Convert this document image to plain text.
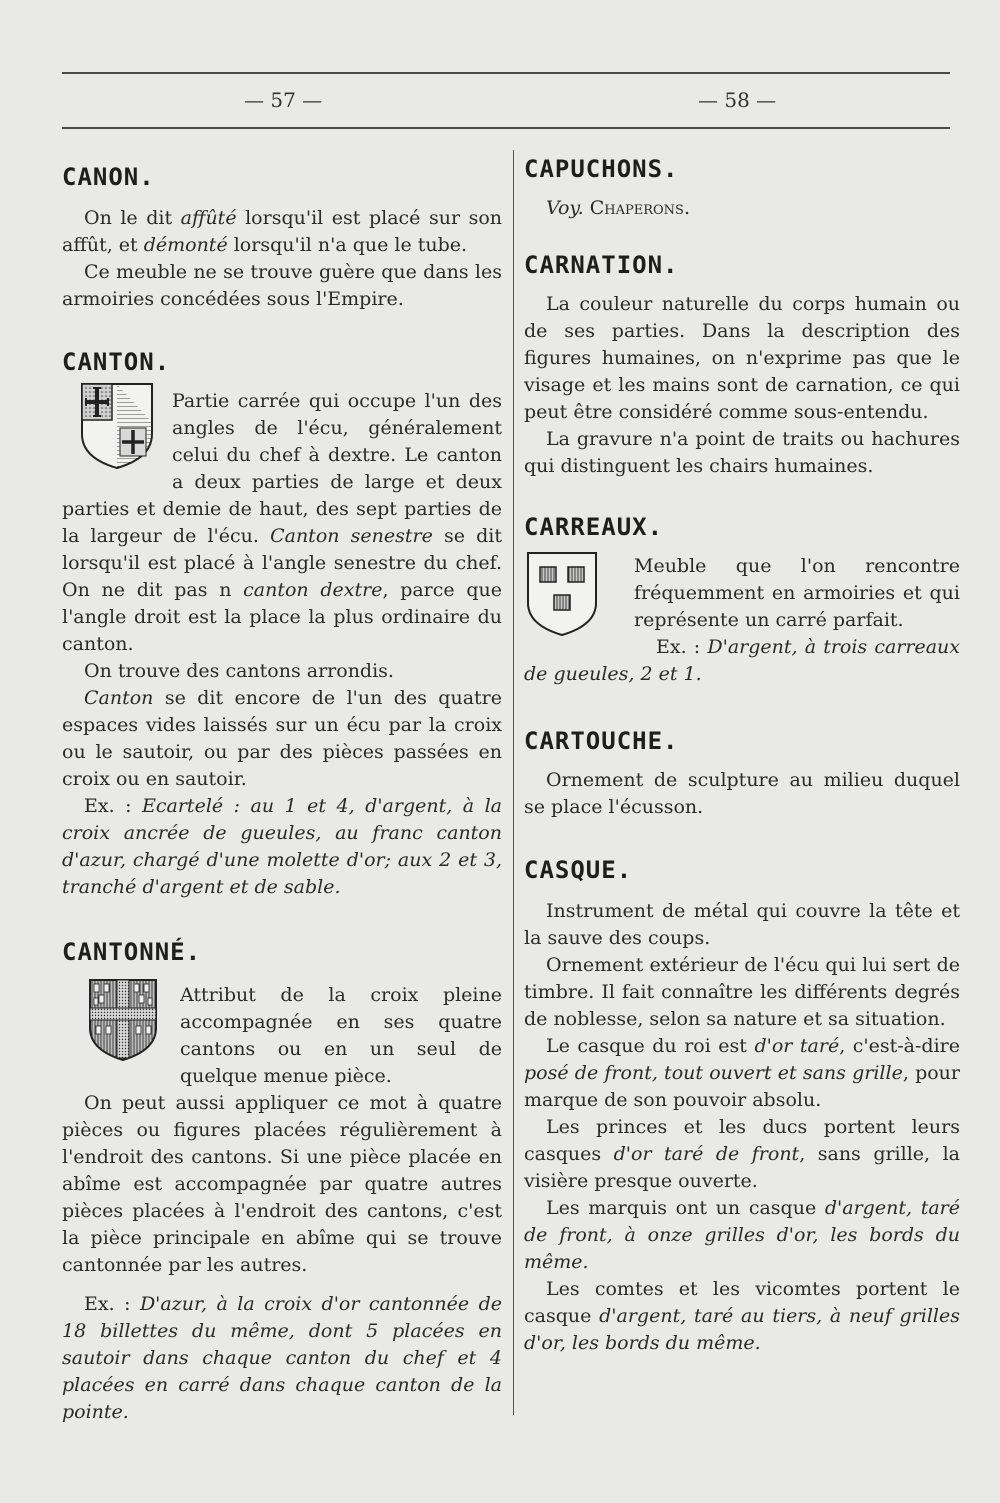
— 57 —	— 58 —
CANON.

On le dit affûté lorsqu'il est placé sur son affût, et démonté lorsqu'il n'a que le tube.

Ce meuble ne se trouve guère que dans les armoiries concédées sous l'Empire.

CANTON.

Partie carrée qui occupe l'un des angles de l'écu, généralement celui du chef à dextre. Le canton a deux parties de large et deux parties et demie de haut, des sept parties de la largeur de l'écu. Canton senestre se dit lorsqu'il est placé à l'angle senestre du chef. On ne dit pas n canton dextre, parce que l'angle droit est la place la plus ordinaire du canton.

On trouve des cantons arrondis.

Canton se dit encore de l'un des quatre espaces vides laissés sur un écu par la croix ou le sautoir, ou par des pièces passées en croix ou en sautoir.

Ex. : Ecartelé : au 1 et 4, d'argent, à la croix ancrée de gueules, au franc canton d'azur, chargé d'une molette d'or; aux 2 et 3, tranché d'argent et de sable.

CANTONNÉ.

Attribut de la croix pleine accompagnée en ses quatre cantons ou en un seul de quelque menue pièce.

On peut aussi appliquer ce mot à quatre pièces ou figures placées régulièrement à l'endroit des cantons. Si une pièce placée en abîme est accompagnée par quatre autres pièces placées à l'endroit des cantons, c'est la pièce principale en abîme qui se trouve cantonnée par les autres.

Ex. : D'azur, à la croix d'or cantonnée de 18 billettes du même, dont 5 placées en sautoir dans chaque canton du chef et 4 placées en carré dans chaque canton de la pointe.

CAPUCHONS.

Voy. Chaperons.

CARNATION.

La couleur naturelle du corps humain ou de ses parties. Dans la description des figures humaines, on n'exprime pas que le visage et les mains sont de carnation, ce qui peut être considéré comme sous-entendu.

La gravure n'a point de traits ou hachures qui distinguent les chairs humaines.

CARREAUX.

Meuble que l'on rencontre fréquemment en armoiries et qui représente un carré parfait.

Ex. : D'argent, à trois carreaux de gueules, 2 et 1.

CARTOUCHE.

Ornement de sculpture au milieu duquel se place l'écusson.

CASQUE.

Instrument de métal qui couvre la tête et la sauve des coups.

Ornement extérieur de l'écu qui lui sert de timbre. Il fait connaître les différents degrés de noblesse, selon sa nature et sa situation.

Le casque du roi est d'or taré, c'est-à-dire posé de front, tout ouvert et sans grille, pour marque de son pouvoir absolu.

Les princes et les ducs portent leurs casques d'or taré de front, sans grille, la visière presque ouverte.

Les marquis ont un casque d'argent, taré de front, à onze grilles d'or, les bords du même.

Les comtes et les vicomtes portent le casque d'argent, taré au tiers, à neuf grilles d'or, les bords du même.
